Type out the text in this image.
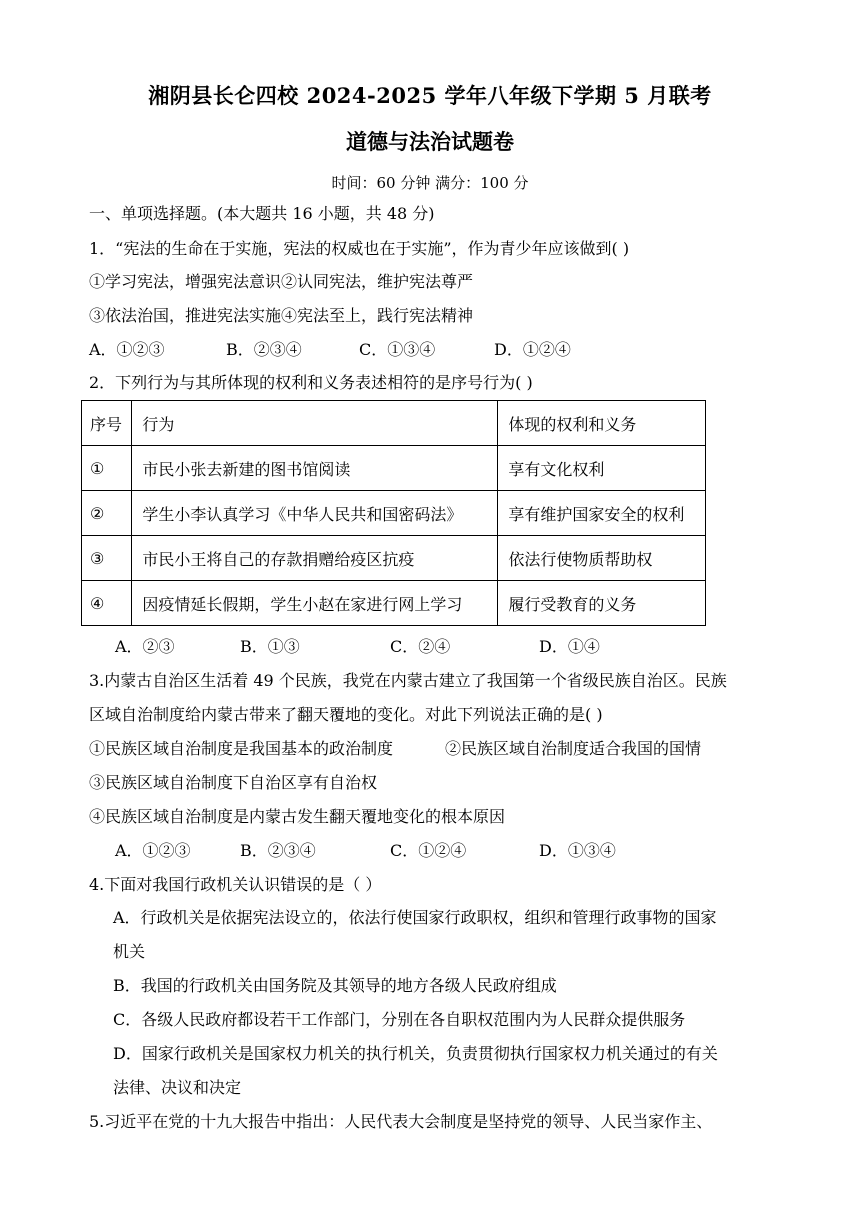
湘阴县长仑四校 2024-2025 学年八年级下学期 5 月联考
道德与法治试题卷
时间：60 分钟 满分：100 分
一、单项选择题。(本大题共 16 小题，共 48 分)
1．“宪法的生命在于实施，宪法的权威也在于实施”，作为青少年应该做到( )
①学习宪法，增强宪法意识②认同宪法，维护宪法尊严
③依法治国，推进宪法实施④宪法至上，践行宪法精神
A．①②③	B．②③④	C．①③④	D．①②④
2．下列行为与其所体现的权利和义务表述相符的是序号行为( )
序号	行为	体现的权利和义务
①	市民小张去新建的图书馆阅读	享有文化权利
②	学生小李认真学习《中华人民共和国密码法》	享有维护国家安全的权利
③	市民小王将自己的存款捐赠给疫区抗疫	依法行使物质帮助权
④	因疫情延长假期，学生小赵在家进行网上学习	履行受教育的义务
A．②③	B．①③	C．②④	D．①④
3.内蒙古自治区生活着 49 个民族，我党在内蒙古建立了我国第一个省级民族自治区。民族
区域自治制度给内蒙古带来了翻天覆地的变化。对此下列说法正确的是( )
①民族区域自治制度是我国基本的政治制度	②民族区域自治制度适合我国的国情
③民族区域自治制度下自治区享有自治权
④民族区域自治制度是内蒙古发生翻天覆地变化的根本原因
A．①②③	B．②③④	C．①②④	D．①③④
4.下面对我国行政机关认识错误的是（ ）
A．行政机关是依据宪法设立的，依法行使国家行政职权，组织和管理行政事物的国家
机关
B．我国的行政机关由国务院及其领导的地方各级人民政府组成
C．各级人民政府都设若干工作部门，分别在各自职权范围内为人民群众提供服务
D．国家行政机关是国家权力机关的执行机关，负责贯彻执行国家权力机关通过的有关
法律、决议和决定
5.习近平在党的十九大报告中指出：人民代表大会制度是坚持党的领导、人民当家作主、
